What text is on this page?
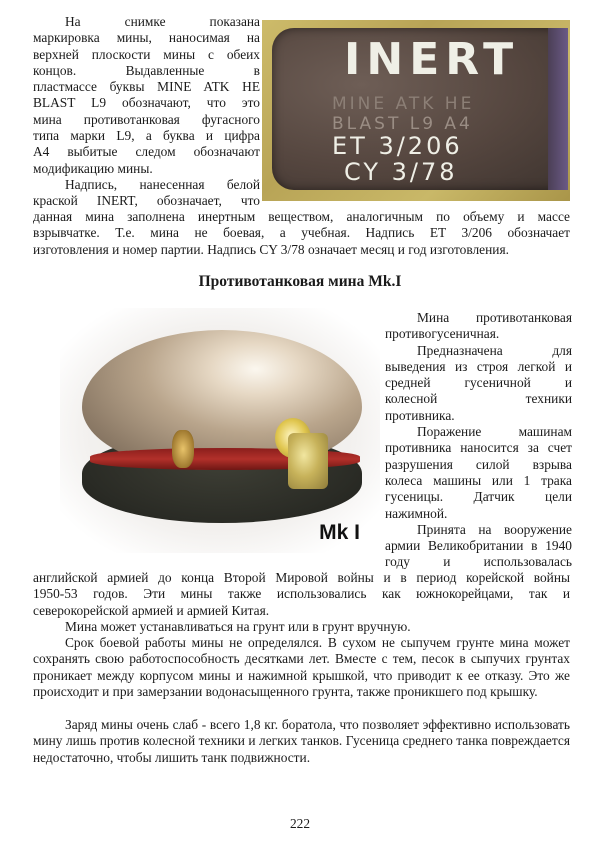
На снимке показана
маркировка мины, наносимая на
верхней плоскости мины с обеих
концов. Выдавленные в
пластмассе буквы MINE ATK HE
BLAST L9 обозначают, что это
мина противотанковая фугасного
типа марки L9, а буква и цифра
A4 выбитые следом обозначают
модификацию мины.
Надпись, нанесенная белой
краской INERT, обозначает, что
INERT
MINE ATK HE
BLAST L9 A4
ET 3/206
CY 3/78
данная мина заполнена инертным веществом, аналогичным по объему и массе
взрывчатке. Т.е. мина не боевая, а учебная. Надпись ET 3/206 обозначает
изготовления и номер партии. Надпись CY 3/78 означает месяц и год изготовления.
Противотанковая мина Mk.I
Mk I
Мина противотанковая
противогусеничная.
Предназначена для
выведения из строя легкой и
средней гусеничной и
колесной техники
противника.
Поражение машинам
противника наносится за счет
разрушения силой взрыва
колеса машины или 1 трака
гусеницы. Датчик цели
нажимной.
Принята на вооружение
армии Великобритании в 1940
году и использовалась
английской армией до конца Второй Мировой войны и в период корейской войны
1950-53 годов. Эти мины также использовались как южнокорейцами, так и
северокорейской армией и армией Китая.

Мина может устанавливаться на грунт или в грунт вручную.

Срок боевой работы мины не определялся. В сухом не сыпучем грунте мина может сохранять свою работоспособность десятками лет. Вместе с тем, песок в сыпучих грунтах проникает между корпусом мины и нажимной крышкой, что приводит к ее отказу. Это же происходит и при замерзании водонасыщенного грунта, также проникшего под крышку.

Заряд мины очень слаб - всего 1,8 кг. боратола, что позволяет эффективно использовать мину лишь против колесной техники и легких танков. Гусеница среднего танка повреждается недостаточно, чтобы лишить танк подвижности.

222
